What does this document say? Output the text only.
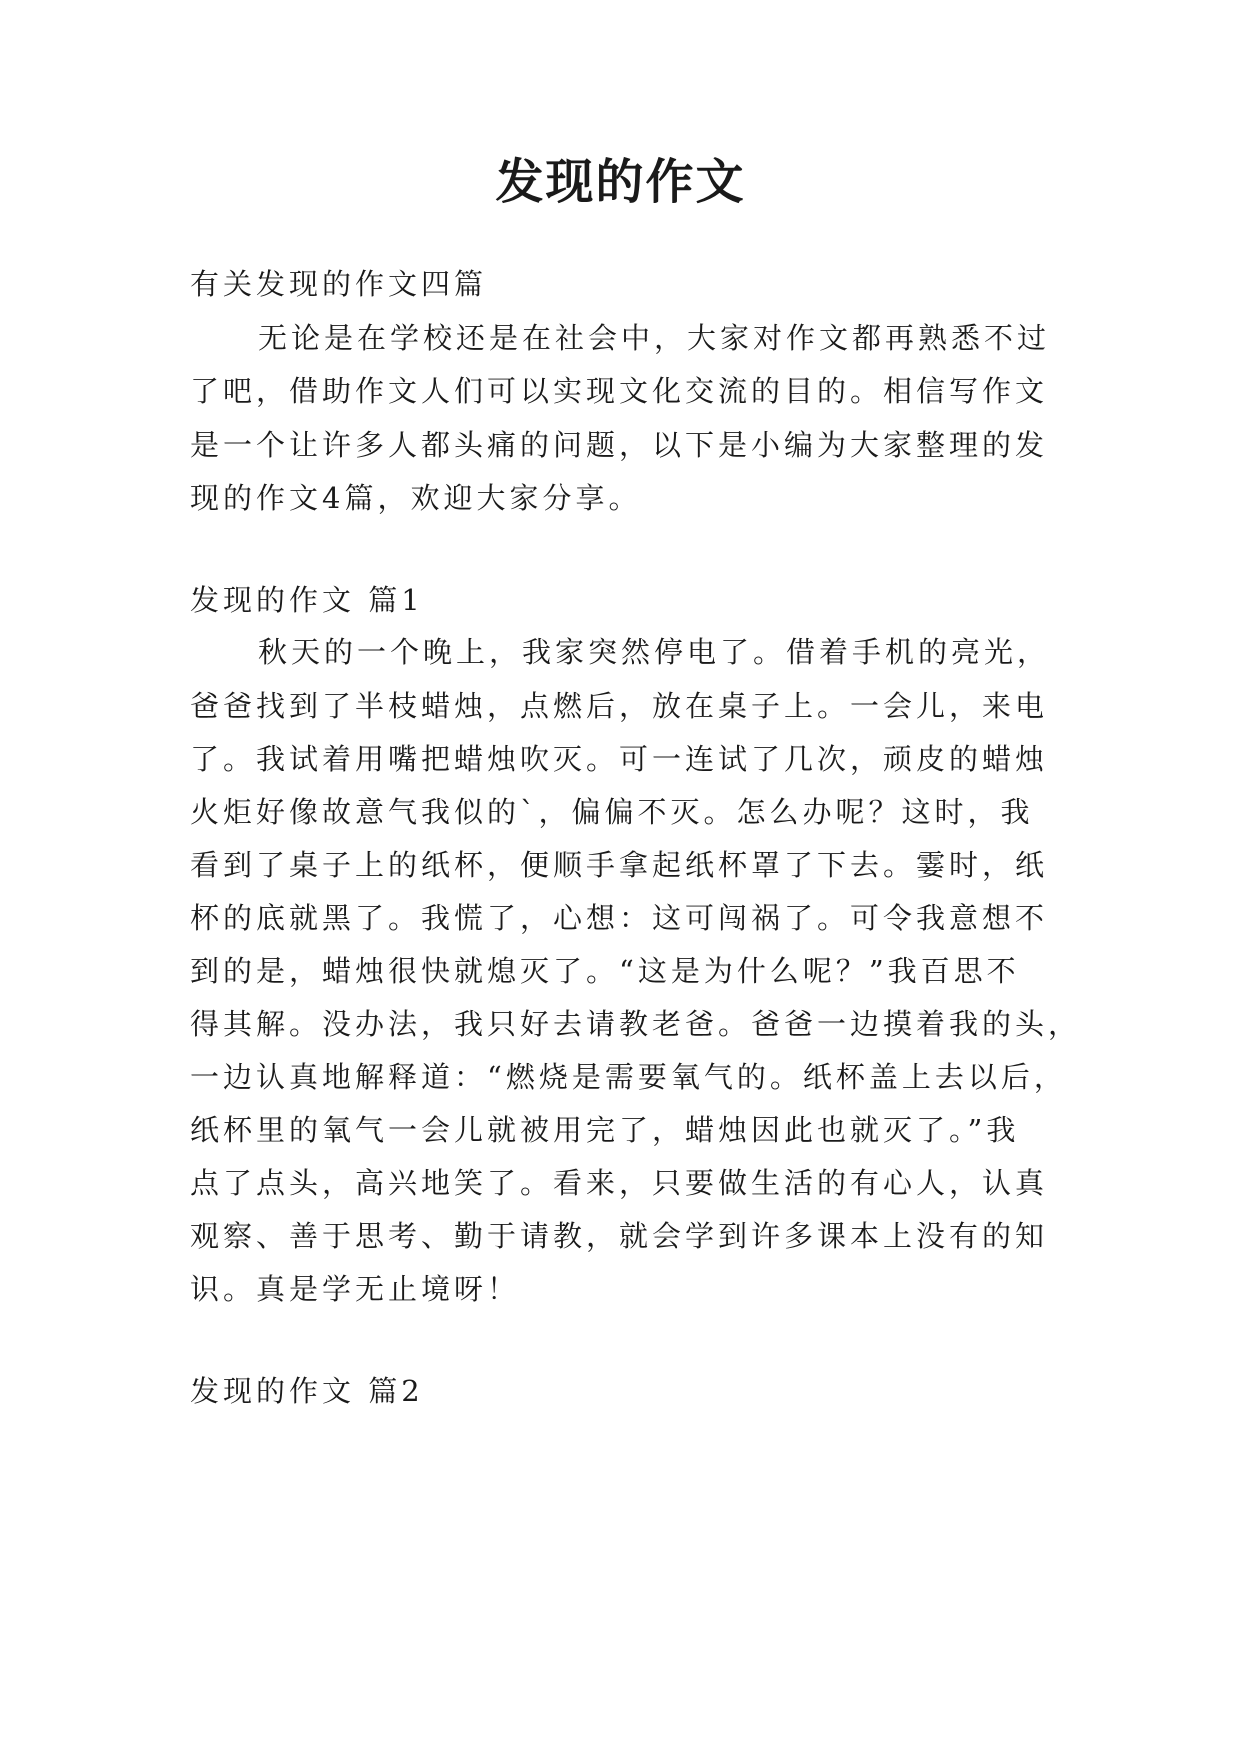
发现的作文
有关发现的作文四篇
无论是在学校还是在社会中，大家对作文都再熟悉不过
了吧，借助作文人们可以实现文化交流的目的。相信写作文
是一个让许多人都头痛的问题，以下是小编为大家整理的发
现的作文4篇，欢迎大家分享。
发现的作文 篇1
秋天的一个晚上，我家突然停电了。借着手机的亮光，
爸爸找到了半枝蜡烛，点燃后，放在桌子上。一会儿，来电
了。我试着用嘴把蜡烛吹灭。可一连试了几次，顽皮的蜡烛
火炬好像故意气我似的`，偏偏不灭。怎么办呢？这时，我
看到了桌子上的纸杯，便顺手拿起纸杯罩了下去。霎时，纸
杯的底就黑了。我慌了，心想：这可闯祸了。可令我意想不
到的是，蜡烛很快就熄灭了。“这是为什么呢？”我百思不
得其解。没办法，我只好去请教老爸。爸爸一边摸着我的头，
一边认真地解释道：“燃烧是需要氧气的。纸杯盖上去以后，
纸杯里的氧气一会儿就被用完了，蜡烛因此也就灭了。”我
点了点头，高兴地笑了。看来，只要做生活的有心人，认真
观察、善于思考、勤于请教，就会学到许多课本上没有的知
识。真是学无止境呀！
发现的作文 篇2
